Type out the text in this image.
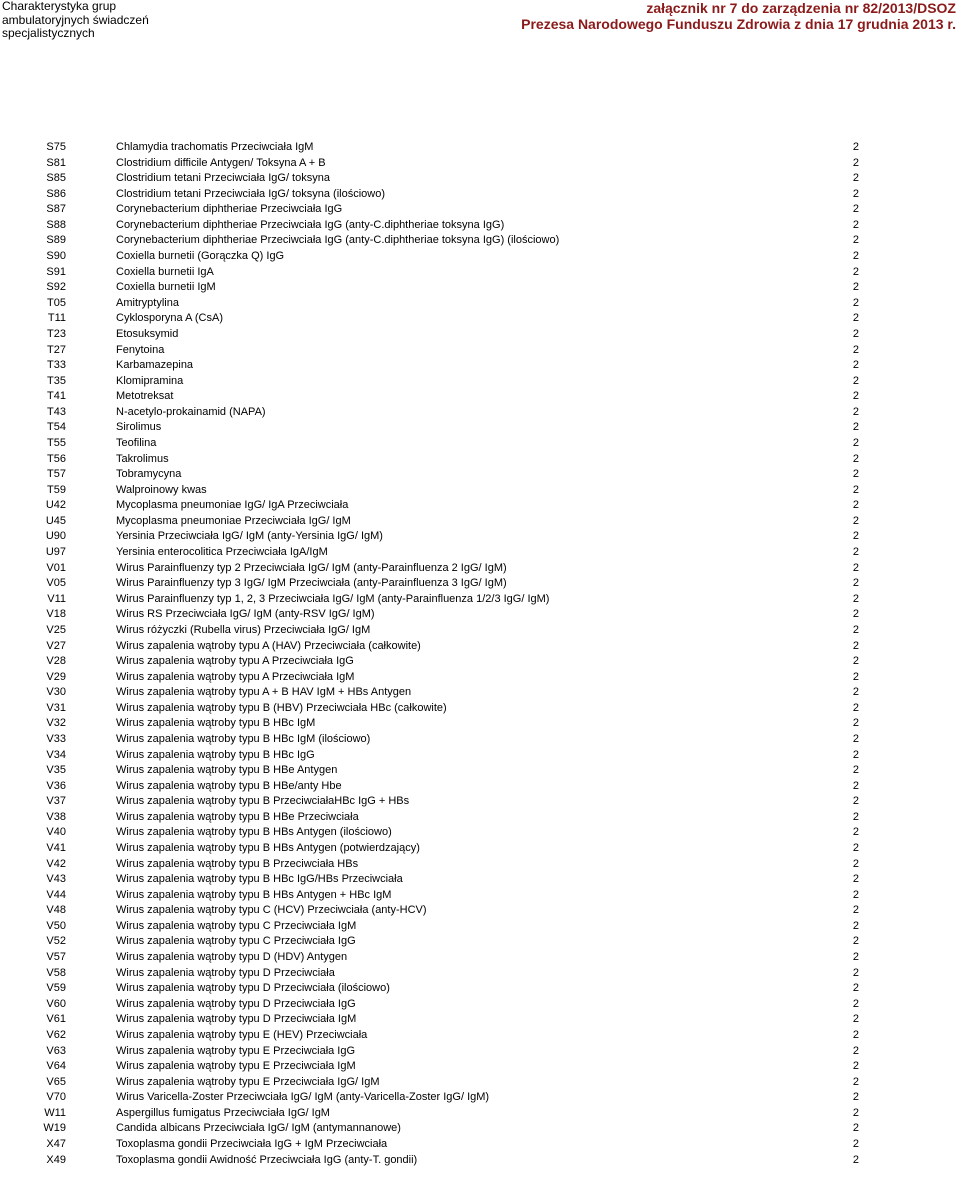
Charakterystyka grup
ambulatoryjnych świadczeń
specjalistycznych
załącznik nr 7 do zarządzenia nr 82/2013/DSOZ
Prezesa Narodowego Funduszu Zdrowia z dnia 17 grudnia 2013 r.
S75	Chlamydia trachomatis Przeciwciała IgM	2
S81	Clostridium difficile Antygen/ Toksyna A + B	2
S85	Clostridium tetani Przeciwciała IgG/ toksyna	2
S86	Clostridium tetani Przeciwciała IgG/ toksyna (ilościowo)	2
S87	Corynebacterium diphtheriae Przeciwciała IgG	2
S88	Corynebacterium diphtheriae Przeciwciała IgG (anty-C.diphtheriae toksyna IgG)	2
S89	Corynebacterium diphtheriae Przeciwciała IgG (anty-C.diphtheriae toksyna IgG) (ilościowo)	2
S90	Coxiella burnetii (Gorączka Q) IgG	2
S91	Coxiella burnetii IgA	2
S92	Coxiella burnetii IgM	2
T05	Amitryptylina	2
T11	Cyklosporyna A (CsA)	2
T23	Etosuksymid	2
T27	Fenytoina	2
T33	Karbamazepina	2
T35	Klomipramina	2
T41	Metotreksat	2
T43	N-acetylo-prokainamid (NAPA)	2
T54	Sirolimus	2
T55	Teofilina	2
T56	Takrolimus	2
T57	Tobramycyna	2
T59	Walproinowy kwas	2
U42	Mycoplasma pneumoniae IgG/ IgA Przeciwciała	2
U45	Mycoplasma pneumoniae Przeciwciała IgG/ IgM	2
U90	Yersinia Przeciwciała IgG/ IgM (anty-Yersinia IgG/ IgM)	2
U97	Yersinia enterocolitica Przeciwciała IgA/IgM	2
V01	Wirus Parainfluenzy typ 2 Przeciwciała IgG/ IgM (anty-Parainfluenza 2 IgG/ IgM)	2
V05	Wirus Parainfluenzy typ 3 IgG/ IgM Przeciwciała (anty-Parainfluenza 3 IgG/ IgM)	2
V11	Wirus Parainfluenzy typ 1, 2, 3 Przeciwciała IgG/ IgM (anty-Parainfluenza 1/2/3 IgG/ IgM)	2
V18	Wirus RS Przeciwciała IgG/ IgM (anty-RSV IgG/ IgM)	2
V25	Wirus różyczki (Rubella virus) Przeciwciała IgG/ IgM	2
V27	Wirus zapalenia wątroby typu A (HAV) Przeciwciała (całkowite)	2
V28	Wirus zapalenia wątroby typu A Przeciwciała IgG	2
V29	Wirus zapalenia wątroby typu A Przeciwciała IgM	2
V30	Wirus zapalenia wątroby typu A + B HAV IgM + HBs Antygen	2
V31	Wirus zapalenia wątroby typu B (HBV) Przeciwciała HBc (całkowite)	2
V32	Wirus zapalenia wątroby typu B HBc IgM	2
V33	Wirus zapalenia wątroby typu B HBc IgM (ilościowo)	2
V34	Wirus zapalenia wątroby typu B HBc IgG	2
V35	Wirus zapalenia wątroby typu B HBe Antygen	2
V36	Wirus zapalenia wątroby typu B HBe/anty Hbe	2
V37	Wirus zapalenia wątroby typu B PrzeciwciałaHBc IgG + HBs	2
V38	Wirus zapalenia wątroby typu B HBe Przeciwciała	2
V40	Wirus zapalenia wątroby typu B HBs Antygen (ilościowo)	2
V41	Wirus zapalenia wątroby typu B HBs Antygen (potwierdzający)	2
V42	Wirus zapalenia wątroby typu B Przeciwciała HBs	2
V43	Wirus zapalenia wątroby typu B HBc IgG/HBs Przeciwciała	2
V44	Wirus zapalenia wątroby typu B HBs Antygen + HBc IgM	2
V48	Wirus zapalenia wątroby typu C (HCV) Przeciwciała (anty-HCV)	2
V50	Wirus zapalenia wątroby typu C Przeciwciała IgM	2
V52	Wirus zapalenia wątroby typu C Przeciwciała IgG	2
V57	Wirus zapalenia wątroby typu D (HDV) Antygen	2
V58	Wirus zapalenia wątroby typu D Przeciwciała	2
V59	Wirus zapalenia wątroby typu D Przeciwciała (ilościowo)	2
V60	Wirus zapalenia wątroby typu D Przeciwciała IgG	2
V61	Wirus zapalenia wątroby typu D Przeciwciała IgM	2
V62	Wirus zapalenia wątroby typu E (HEV) Przeciwciała	2
V63	Wirus zapalenia wątroby typu E Przeciwciała IgG	2
V64	Wirus zapalenia wątroby typu E Przeciwciała IgM	2
V65	Wirus zapalenia wątroby typu E Przeciwciała IgG/ IgM	2
V70	Wirus Varicella-Zoster Przeciwciała IgG/ IgM (anty-Varicella-Zoster IgG/ IgM)	2
W11	Aspergillus fumigatus Przeciwciała IgG/ IgM	2
W19	Candida albicans Przeciwciała IgG/ IgM (antymannanowe)	2
X47	Toxoplasma gondii Przeciwciała IgG + IgM Przeciwciała	2
X49	Toxoplasma gondii Awidność Przeciwciała IgG (anty-T. gondii)	2
